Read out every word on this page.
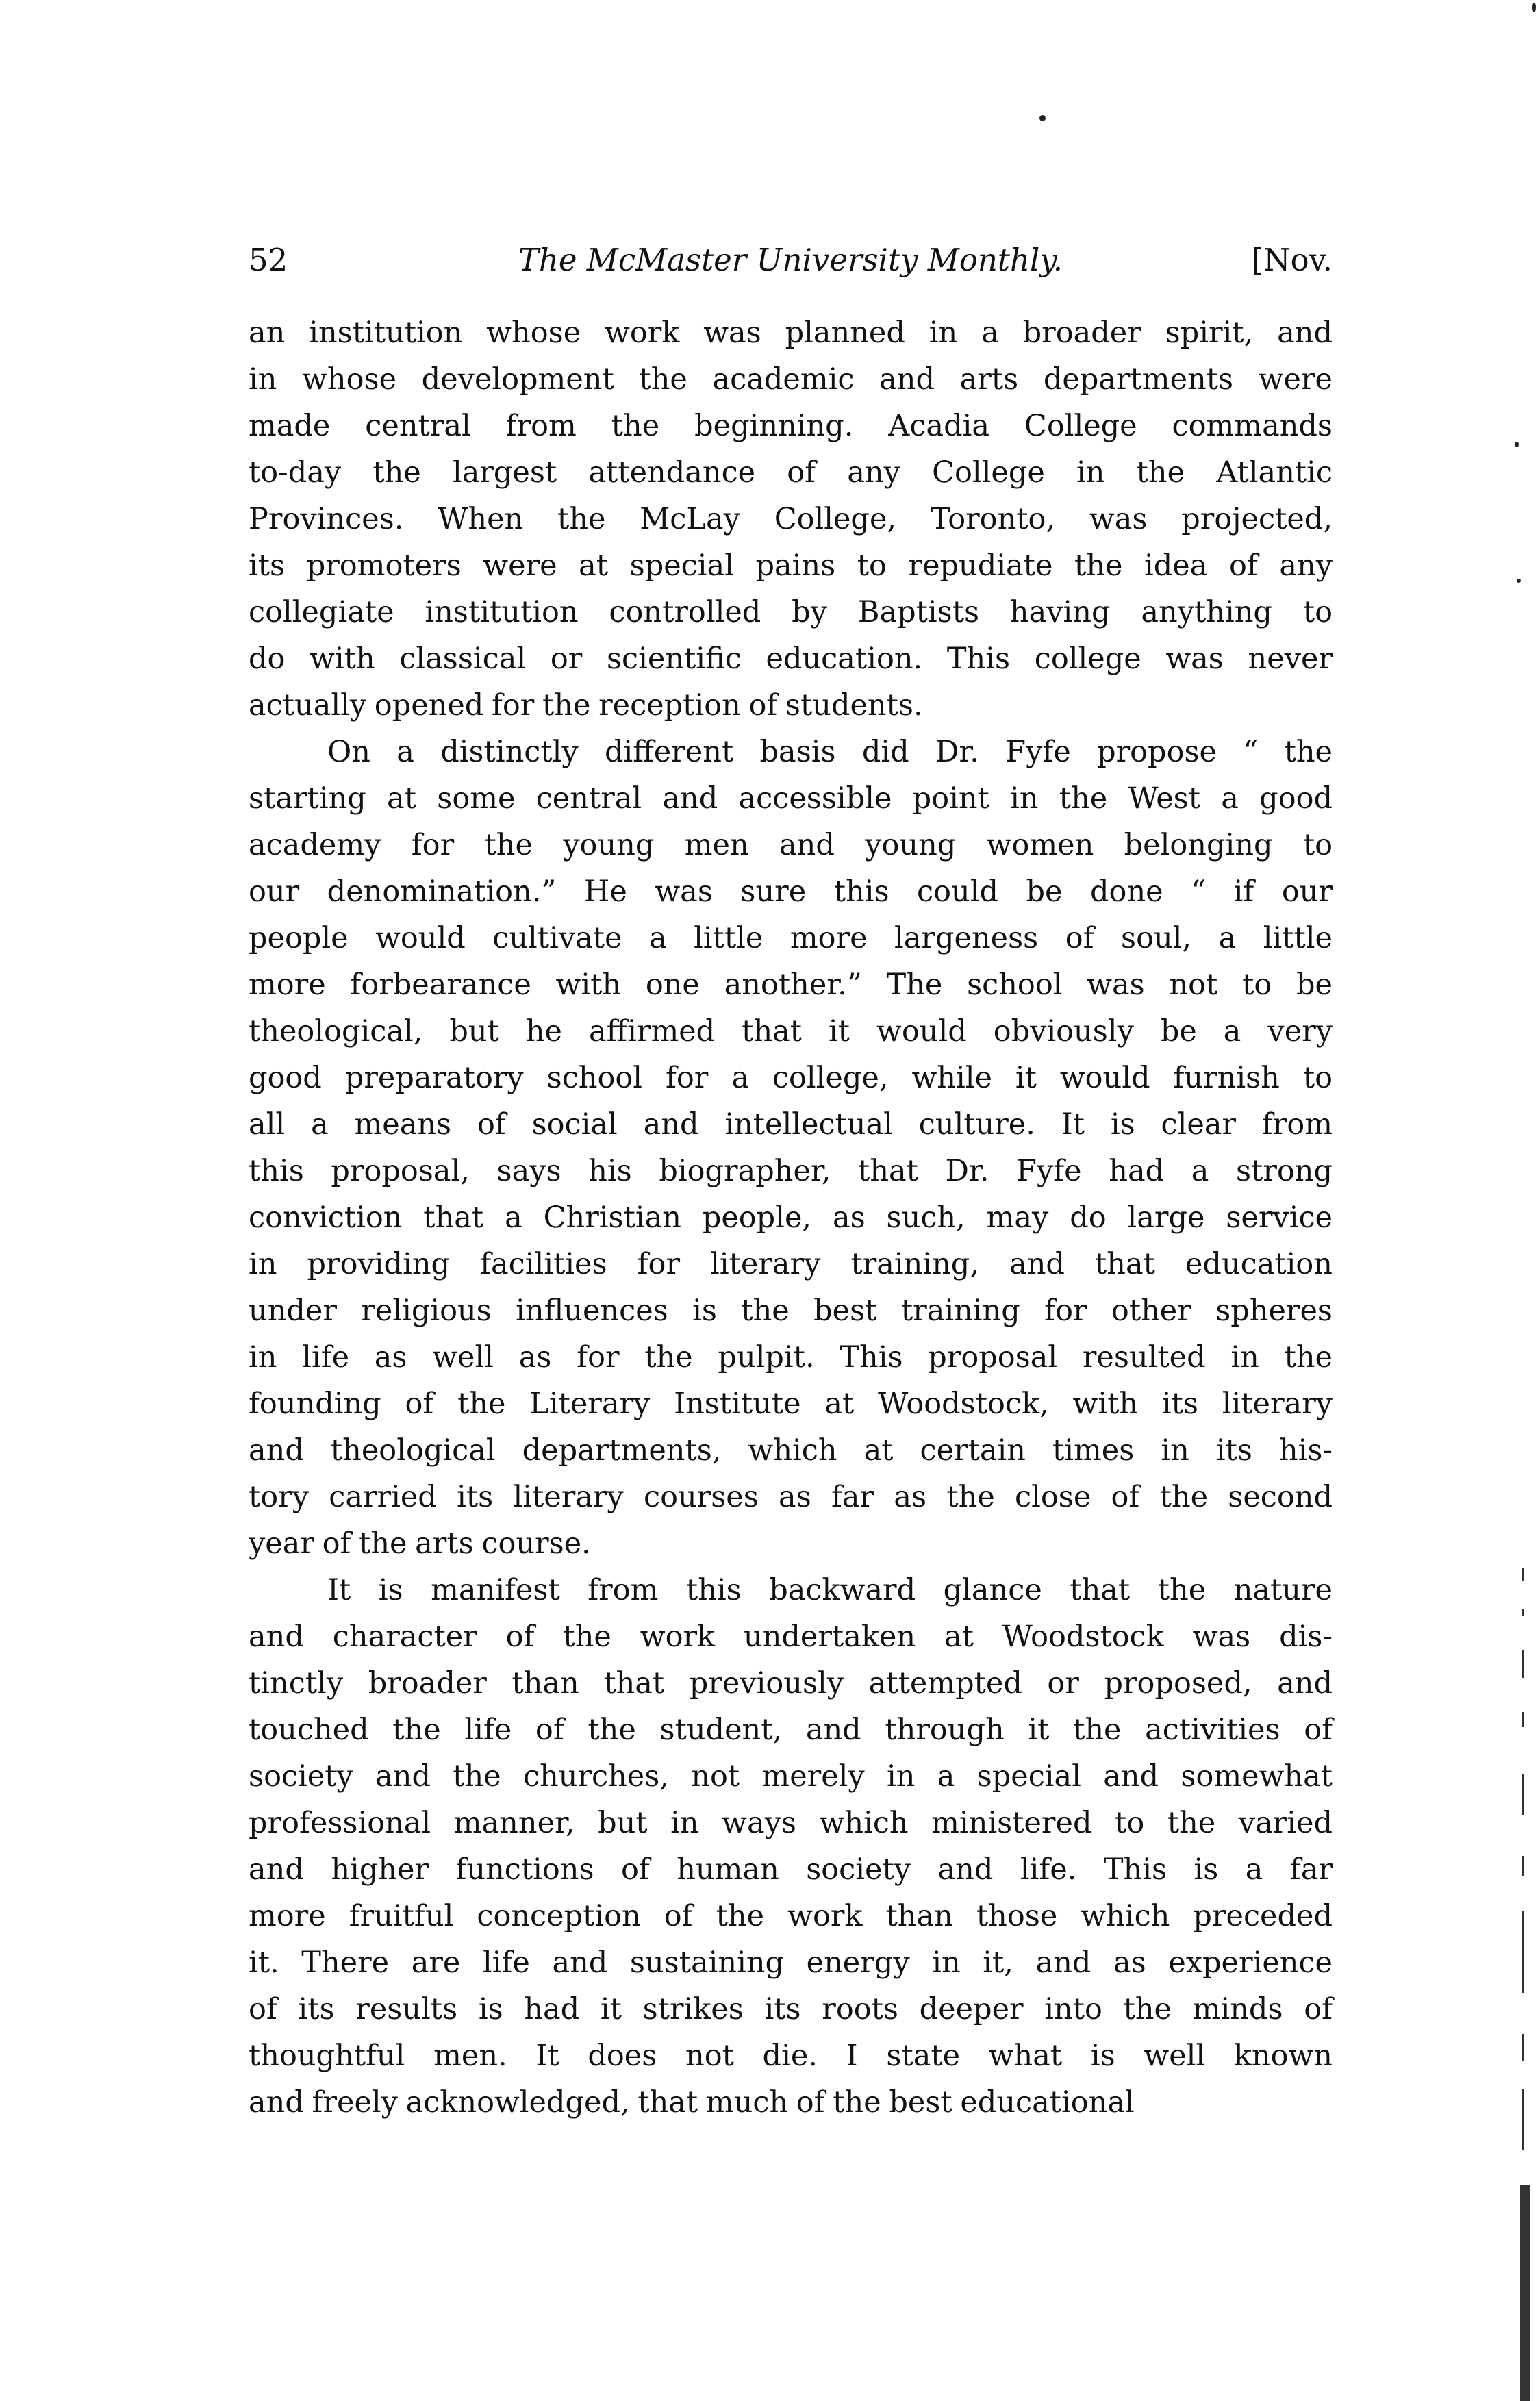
52	The McMaster University Monthly.	[Nov.
an institution whose work was planned in a broader spirit, and
in whose development the academic and arts departments were
made central from the beginning. Acadia College commands
to-day the largest attendance of any College in the Atlantic
Provinces. When the McLay College, Toronto, was projected,
its promoters were at special pains to repudiate the idea of any
collegiate institution controlled by Baptists having anything to
do with classical or scientific education. This college was never
actually opened for the reception of students.
On a distinctly different basis did Dr. Fyfe propose “ the
starting at some central and accessible point in the West a good
academy for the young men and young women belonging to
our denomination.” He was sure this could be done “ if our
people would cultivate a little more largeness of soul, a little
more forbearance with one another.” The school was not to be
theological, but he affirmed that it would obviously be a very
good preparatory school for a college, while it would furnish to
all a means of social and intellectual culture. It is clear from
this proposal, says his biographer, that Dr. Fyfe had a strong
conviction that a Christian people, as such, may do large service
in providing facilities for literary training, and that education
under religious influences is the best training for other spheres
in life as well as for the pulpit. This proposal resulted in the
founding of the Literary Institute at Woodstock, with its literary
and theological departments, which at certain times in its his-
tory carried its literary courses as far as the close of the second
year of the arts course.
It is manifest from this backward glance that the nature
and character of the work undertaken at Woodstock was dis-
tinctly broader than that previously attempted or proposed, and
touched the life of the student, and through it the activities of
society and the churches, not merely in a special and somewhat
professional manner, but in ways which ministered to the varied
and higher functions of human society and life. This is a far
more fruitful conception of the work than those which preceded
it. There are life and sustaining energy in it, and as experience
of its results is had it strikes its roots deeper into the minds of
thoughtful men. It does not die. I state what is well known
and freely acknowledged, that much of the best educational
